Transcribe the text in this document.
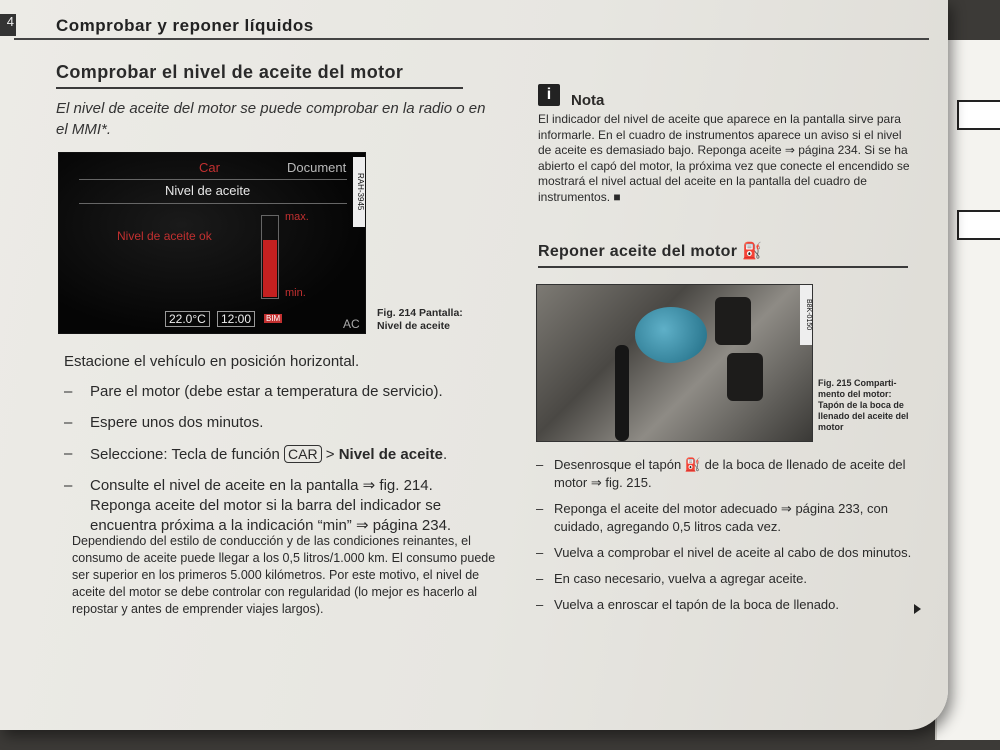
4 Comprobar y reponer líquidos
Comprobar el nivel de aceite del motor
El nivel de aceite del motor se puede comprobar en la radio o en el MMI*.
Car	Document
Nivel de aceite
Nivel de aceite ok
max.
min.
22.0°C	12:00	BIM	AC
RAH-3945
Fig. 214 Pantalla:
Nivel de aceite
Estacione el vehículo en posición horizontal.
– Pare el motor (debe estar a temperatura de servicio).
– Espere unos dos minutos.
– Seleccione: Tecla de función CAR > Nivel de aceite.
– Consulte el nivel de aceite en la pantalla ⇒ fig. 214. Reponga aceite del motor si la barra del indicador se encuentra próxima a la indicación “min” ⇒ página 234.
Dependiendo del estilo de conducción y de las condiciones reinantes, el consumo de aceite puede llegar a los 0,5 litros/1.000 km. El consumo puede ser superior en los primeros 5.000 kilómetros. Por este motivo, el nivel de aceite del motor se debe controlar con regularidad (lo mejor es hacerlo al repostar y antes de emprender viajes largos).
i	Nota
El indicador del nivel de aceite que aparece en la pantalla sirve para informarle. En el cuadro de instrumentos aparece un aviso si el nivel de aceite es demasiado bajo. Reponga aceite ⇒ página 234. Si se ha abierto el capó del motor, la próxima vez que conecte el encendido se mostrará el nivel actual del aceite en la pantalla del cuadro de instrumentos. ■
Reponer aceite del motor ⛽
B8K-0150
Fig. 215 Comparti-
mento del motor:
Tapón de la boca de
llenado del aceite del
motor
– Desenrosque el tapón ⛽ de la boca de llenado de aceite del motor ⇒ fig. 215.
– Reponga el aceite del motor adecuado ⇒ página 233, con cuidado, agregando 0,5 litros cada vez.
– Vuelva a comprobar el nivel de aceite al cabo de dos minutos.
– En caso necesario, vuelva a agregar aceite.
– Vuelva a enroscar el tapón de la boca de llenado.
